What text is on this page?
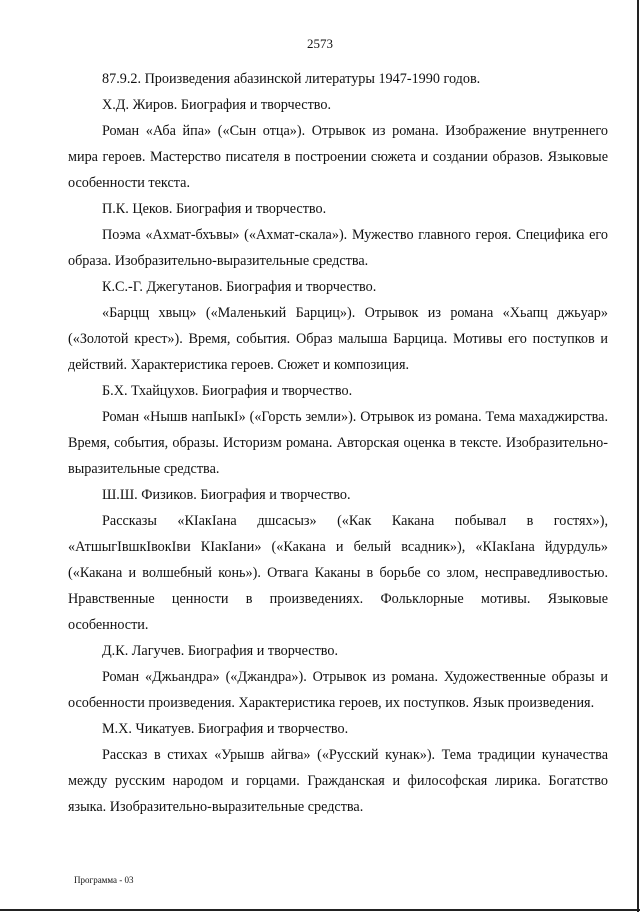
2573

87.9.2. Произведения абазинской литературы 1947-1990 годов.

Х.Д. Жиров. Биография и творчество.

Роман «Аба йпа» («Сын отца»). Отрывок из романа. Изображение внутреннего мира героев. Мастерство писателя в построении сюжета и создании образов. Языковые особенности текста.

П.К. Цеков. Биография и творчество.

Поэма «Ахмат-бхъвы» («Ахмат-скала»). Мужество главного героя. Специфика его образа. Изобразительно-выразительные средства.

К.С.-Г. Джегутанов. Биография и творчество.

«Барцщ хвыц» («Маленький Барциц»). Отрывок из романа «Хьапц джьуар» («Золотой крест»). Время, события. Образ малыша Барцица. Мотивы его поступков и действий. Характеристика героев. Сюжет и композиция.

Б.Х. Тхайцухов. Биография и творчество.

Роман «Нышв напIыкI» («Горсть земли»). Отрывок из романа. Тема махаджирства. Время, события, образы. Историзм романа. Авторская оценка в тексте. Изобразительно-выразительные средства.

Ш.Ш. Физиков. Биография и творчество.

Рассказы «КIакIана дшсасыз» («Как Какана побывал в гостях»), «АтшыгIвшкIвокIви КIакIани» («Какана и белый всадник»), «КIакIана йдурдуль» («Какана и волшебный конь»). Отвага Каканы в борьбе со злом, несправедливостью. Нравственные ценности в произведениях. Фольклорные мотивы. Языковые особенности.

Д.К. Лагучев. Биография и творчество.

Роман «Джьандра» («Джандра»). Отрывок из романа. Художественные образы и особенности произведения. Характеристика героев, их поступков. Язык произведения.

М.Х. Чикатуев. Биография и творчество.

Рассказ в стихах «Урышв айгва» («Русский кунак»). Тема традиции куначества между русским народом и горцами. Гражданская и философская лирика. Богатство языка. Изобразительно-выразительные средства.

Программа - 03
